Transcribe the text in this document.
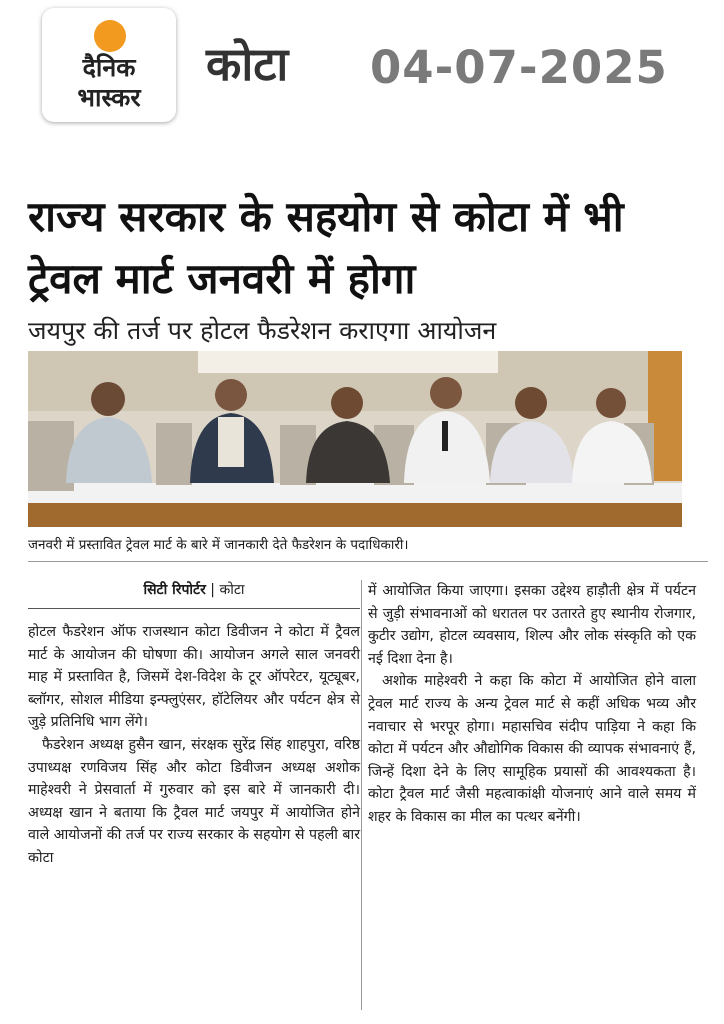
दैनिक
भास्कर
कोटा 04-07-2025
राज्य सरकार के सहयोग से कोटा में भी ट्रेवल मार्ट जनवरी में होगा
जयपुर की तर्ज पर होटल फैडरेशन कराएगा आयोजन
जनवरी में प्रस्तावित ट्रेवल मार्ट के बारे में जानकारी देते फैडरेशन के पदाधिकारी।
सिटी रिपोर्टर | कोटा

होटल फैडरेशन ऑफ राजस्थान कोटा डिवीजन ने कोटा में ट्रैवल मार्ट के आयोजन की घोषणा की। आयोजन अगले साल जनवरी माह में प्रस्तावित है, जिसमें देश-विदेश के टूर ऑपरेटर, यूट्यूबर, ब्लॉगर, सोशल मीडिया इन्फ्लुएंसर, हॉटेलियर और पर्यटन क्षेत्र से जुड़े प्रतिनिधि भाग लेंगे।

फैडरेशन अध्यक्ष हुसैन खान, संरक्षक सुरेंद्र सिंह शाहपुरा, वरिष्ठ उपाध्यक्ष रणविजय सिंह और कोटा डिवीजन अध्यक्ष अशोक माहेश्वरी ने प्रेसवार्ता में गुरुवार को इस बारे में जानकारी दी। अध्यक्ष खान ने बताया कि ट्रैवल मार्ट जयपुर में आयोजित होने वाले आयोजनों की तर्ज पर राज्य सरकार के सहयोग से पहली बार कोटा

में आयोजित किया जाएगा। इसका उद्देश्य हाड़ौती क्षेत्र में पर्यटन से जुड़ी संभावनाओं को धरातल पर उतारते हुए स्थानीय रोजगार, कुटीर उद्योग, होटल व्यवसाय, शिल्प और लोक संस्कृति को एक नई दिशा देना है।

अशोक माहेश्वरी ने कहा कि कोटा में आयोजित होने वाला ट्रेवल मार्ट राज्य के अन्य ट्रेवल मार्ट से कहीं अधिक भव्य और नवाचार से भरपूर होगा। महासचिव संदीप पाड़िया ने कहा कि कोटा में पर्यटन और औद्योगिक विकास की व्यापक संभावनाएं हैं, जिन्हें दिशा देने के लिए सामूहिक प्रयासों की आवश्यकता है। कोटा ट्रैवल मार्ट जैसी महत्वाकांक्षी योजनाएं आने वाले समय में शहर के विकास का मील का पत्थर बनेंगी।
